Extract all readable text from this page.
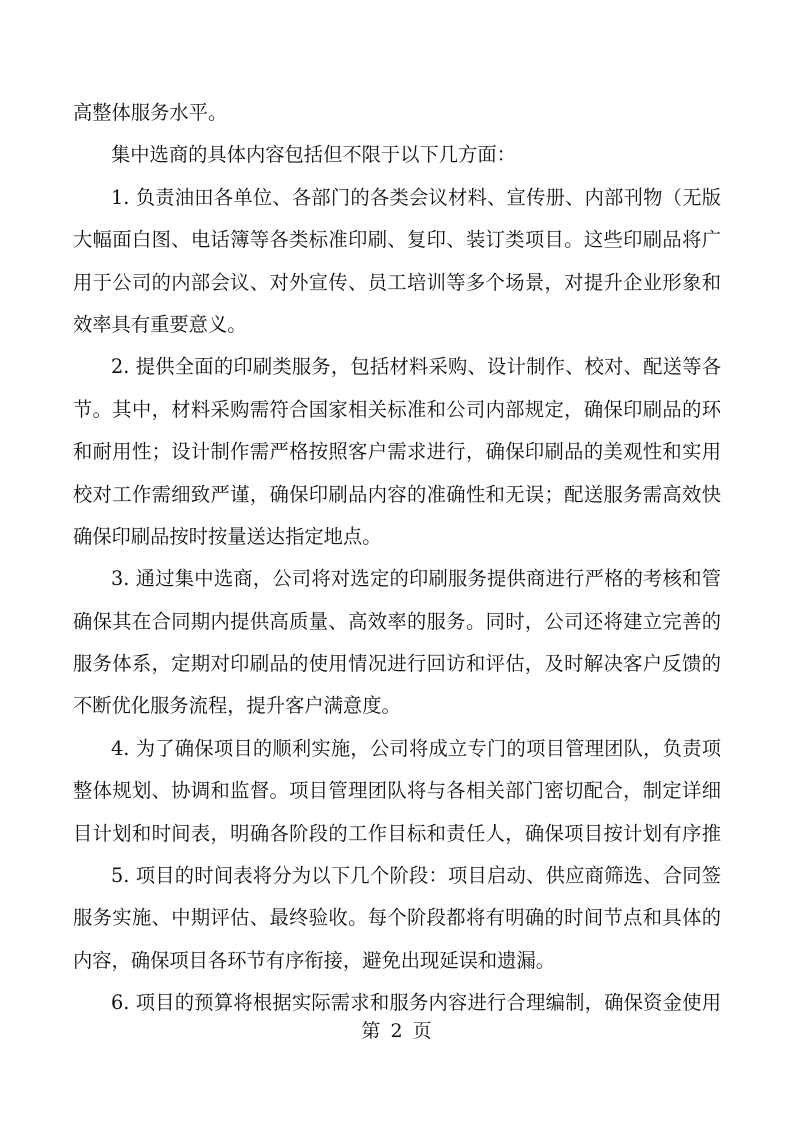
高整体服务水平。
集中选商的具体内容包括但不限于以下几方面：
1. 负责油田各单位、各部门的各类会议材料、宣传册、内部刊物（无版
大幅面白图、电话簿等各类标准印刷、复印、装订类项目。这些印刷品将广
用于公司的内部会议、对外宣传、员工培训等多个场景，对提升企业形象和
效率具有重要意义。
2. 提供全面的印刷类服务，包括材料采购、设计制作、校对、配送等各
节。其中，材料采购需符合国家相关标准和公司内部规定，确保印刷品的环
和耐用性；设计制作需严格按照客户需求进行，确保印刷品的美观性和实用
校对工作需细致严谨，确保印刷品内容的准确性和无误；配送服务需高效快
确保印刷品按时按量送达指定地点。
3. 通过集中选商，公司将对选定的印刷服务提供商进行严格的考核和管
确保其在合同期内提供高质量、高效率的服务。同时，公司还将建立完善的
服务体系，定期对印刷品的使用情况进行回访和评估，及时解决客户反馈的
不断优化服务流程，提升客户满意度。
4. 为了确保项目的顺利实施，公司将成立专门的项目管理团队，负责项
整体规划、协调和监督。项目管理团队将与各相关部门密切配合，制定详细
目计划和时间表，明确各阶段的工作目标和责任人，确保项目按计划有序推
5. 项目的时间表将分为以下几个阶段：项目启动、供应商筛选、合同签
服务实施、中期评估、最终验收。每个阶段都将有明确的时间节点和具体的
内容，确保项目各环节有序衔接，避免出现延误和遗漏。
6. 项目的预算将根据实际需求和服务内容进行合理编制，确保资金使用
第 2 页
